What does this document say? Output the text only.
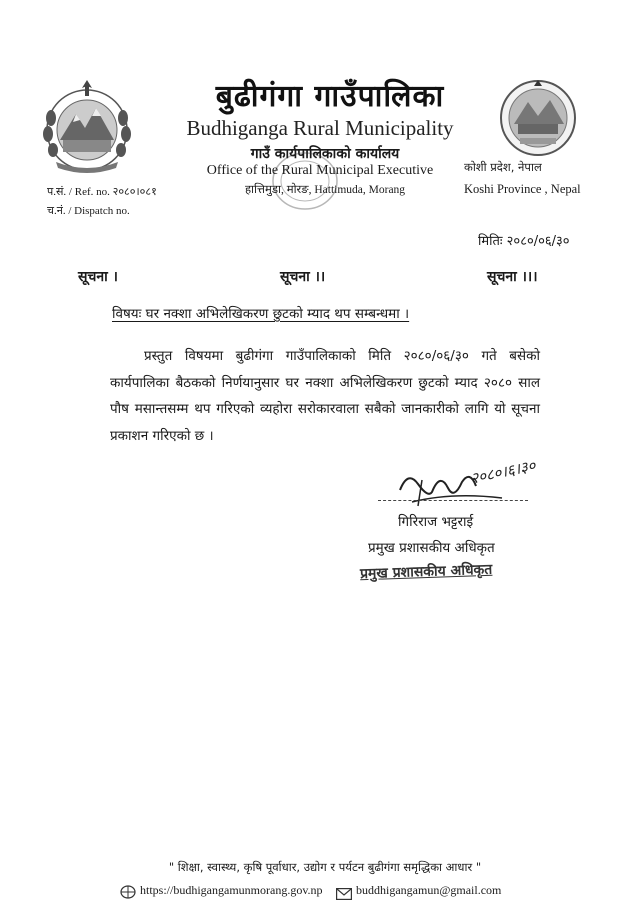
बुढीगंगा गाउँपालिका
Budhiganga Rural Municipality
गाउँ कार्यपालिकाको कार्यालय
Office of the Rural Municipal Executive
हात्तिमुडा, मोरङ, Hattimuda, Morang
कोशी प्रदेश, नेपाल
Koshi Province , Nepal
प.सं. / Ref. no. २०८०।०८१
च.नं. / Dispatch no.
मितिः २०८०/०६/३०
सूचना ।	सूचना ।।	सूचना ।।।
विषयः घर नक्शा अभिलेखिकरण छुटको म्याद थप सम्बन्धमा ।
प्रस्तुत विषयमा बुढीगंगा गाउँपालिकाको मिति २०८०/०६/३० गते बसेको कार्यपालिका बैठकको निर्णयानुसार घर नक्शा अभिलेखिकरण छुटको म्याद २०८० साल पौष मसान्तसम्म थप गरिएको व्यहोरा सरोकारवाला सबैको जानकारीको लागि यो सूचना प्रकाशन गरिएको छ ।
२०८०।६।३०
गिरिराज भट्टराई
प्रमुख प्रशासकीय अधिकृत
प्रमुख प्रशासकीय अधिकृत
" शिक्षा, स्वास्थ्य, कृषि पूर्वाधार, उद्योग र पर्यटन बुढीगंगा समृद्धिका आधार "
https://budhigangamunmorang.gov.np	buddhigangamun@gmail.com
